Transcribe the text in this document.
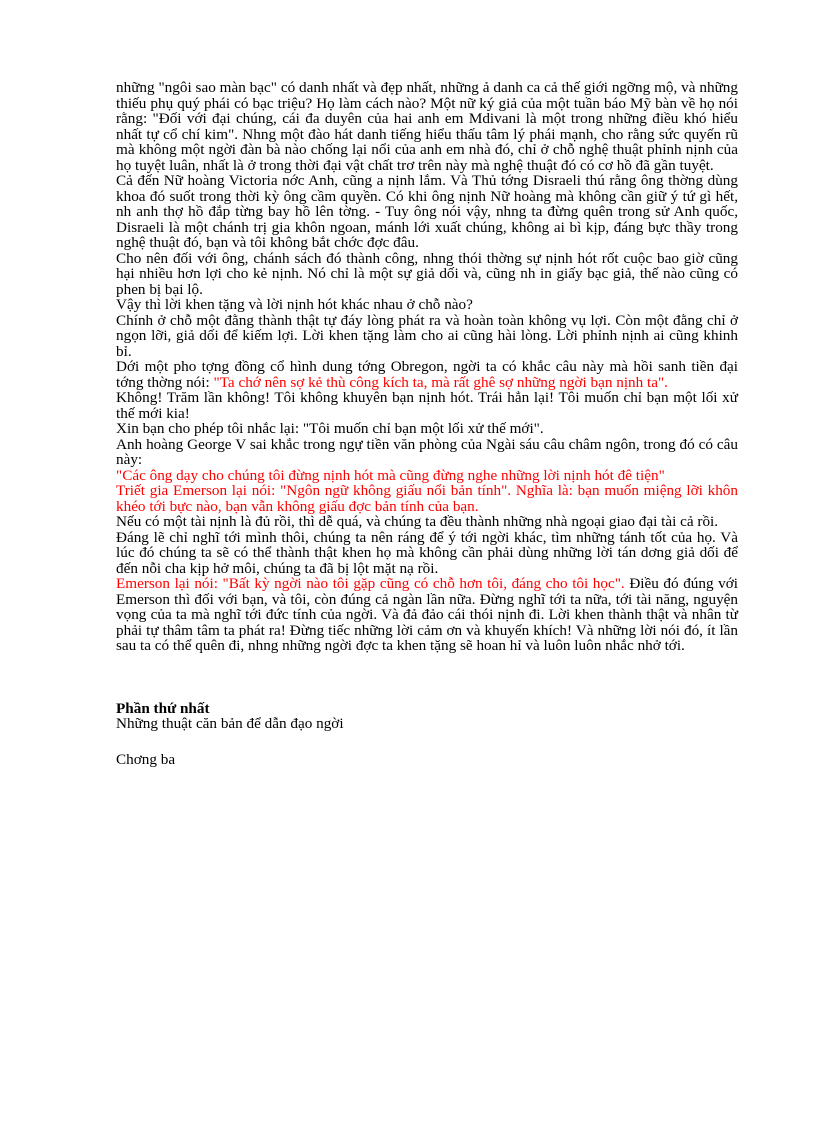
những "ngôi sao màn bạc" có danh nhất và đẹp nhất, những ả danh ca cả thế giới ngỡng mộ, và những thiếu phụ quý phái có bạc triệu? Họ làm cách nào? Một nữ ký giả của một tuần báo Mỹ bàn về họ nói rằng: "Đối với đại chúng, cái đa duyên của hai anh em Mdivani là một trong những điều khó hiểu nhất tự cổ chí kim". Nhng một đào hát danh tiếng hiểu thấu tâm lý phái mạnh, cho rằng sức quyến rũ mà không một ngời đàn bà nào chống lại nổi của anh em nhà đó, chỉ ở chỗ nghệ thuật phỉnh nịnh của họ tuyệt luân, nhất là ở trong thời đại vật chất trơ trên này mà nghệ thuật đó có cơ hồ đã gần tuyệt.

Cả đến Nữ hoàng Victoria nớc Anh, cũng a nịnh lắm. Và Thủ tớng Disraeli thú rằng ông thờng dùng khoa đó suốt trong thời kỳ ông cầm quyền. Có khi ông nịnh Nữ hoàng mà không cần giữ ý tứ gì hết, nh anh thợ hồ đắp từng bay hồ lên tờng. - Tuy ông nói vậy, nhng ta đừng quên trong sử Anh quốc, Disraeli là một chánh trị gia khôn ngoan, mánh lới xuất chúng, không ai bì kịp, đáng bực thầy trong nghệ thuật đó, bạn và tôi không bắt chớc đợc đâu.

Cho nên đối với ông, chánh sách đó thành công, nhng thói thờng sự nịnh hót rốt cuộc bao giờ cũng hại nhiều hơn lợi cho kẻ nịnh. Nó chỉ là một sự giả dối và, cũng nh in giấy bạc giả, thế nào cũng có phen bị bại lộ.

Vậy thì lời khen tặng và lời nịnh hót khác nhau ở chỗ nào?

Chính ở chỗ một đằng thành thật tự đáy lòng phát ra và hoàn toàn không vụ lợi. Còn một đằng chỉ ở ngọn lỡi, giả dối để kiếm lợi. Lời khen tặng làm cho ai cũng hài lòng. Lời phỉnh nịnh ai cũng khinh bỉ.

Dới một pho tợng đồng cổ hình dung tớng Obregon, ngời ta có khắc câu này mà hồi sanh tiền đại tớng thờng nói: "Ta chớ nên sợ kẻ thù công kích ta, mà rất ghê sợ những ngời bạn nịnh ta".

Không! Trăm lần không! Tôi không khuyên bạn nịnh hót. Trái hẳn lại! Tôi muốn chỉ bạn một lối xử thế mới kia!

Xin bạn cho phép tôi nhắc lại: "Tôi muốn chỉ bạn một lối xử thế mới".

Anh hoàng George V sai khắc trong ngự tiền văn phòng của Ngài sáu câu châm ngôn, trong đó có câu này:

"Các ông dạy cho chúng tôi đừng nịnh hót mà cũng đừng nghe những lời nịnh hót đê tiện"

Triết gia Emerson lại nói: "Ngôn ngữ không giấu nổi bản tính". Nghĩa là: bạn muốn miệng lỡi khôn khéo tới bực nào, bạn vẫn không giấu đợc bản tính của bạn.

Nếu có một tài nịnh là đủ rồi, thì dễ quá, và chúng ta đều thành những nhà ngoại giao đại tài cả rồi.

Đáng lẽ chỉ nghĩ tới mình thôi, chúng ta nên ráng để ý tới ngời khác, tìm những tánh tốt của họ. Và lúc đó chúng ta sẽ có thể thành thật khen họ mà không cần phải dùng những lời tán dơng giả dối để đến nỗi cha kịp hở môi, chúng ta đã bị lột mặt nạ rồi.

Emerson lại nói: "Bất kỳ ngời nào tôi gặp cũng có chỗ hơn tôi, đáng cho tôi học". Điều đó đúng với Emerson thì đối với bạn, và tôi, còn đúng cả ngàn lần nữa. Đừng nghĩ tới ta nữa, tới tài năng, nguyện vọng của ta mà nghĩ tới đức tính của ngời. Và đả đảo cái thói nịnh đi. Lời khen thành thật và nhân từ phải tự thâm tâm ta phát ra! Đừng tiếc những lời cảm ơn và khuyến khích! Và những lời nói đó, ít lần sau ta có thể quên đi, nhng những ngời đợc ta khen tặng sẽ hoan hỉ và luôn luôn nhắc nhở tới.

Phần thứ nhất

Những thuật căn bản để dẫn đạo ngời

Chơng ba
